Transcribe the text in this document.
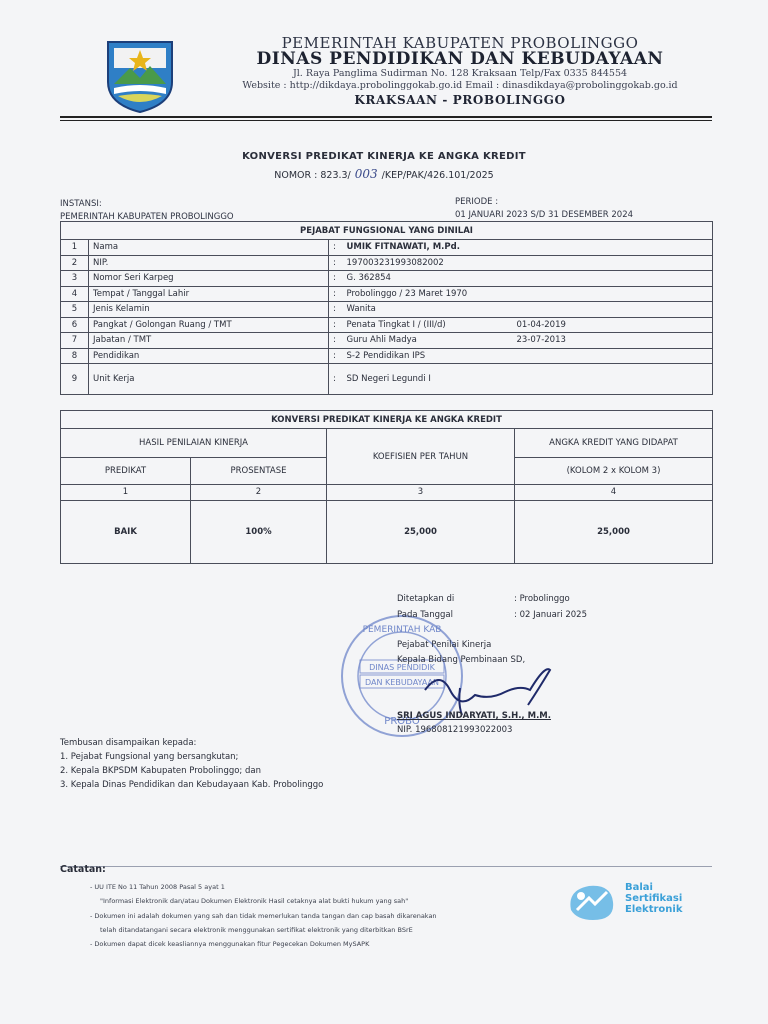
PEMERINTAH KABUPATEN PROBOLINGGO
DINAS PENDIDIKAN DAN KEBUDAYAAN
Jl. Raya Panglima Sudirman No. 128 Kraksaan Telp/Fax 0335 844554
Website : http://dikdaya.probolinggokab.go.id Email : dinasdikdaya@probolinggokab.go.id
KRAKSAAN - PROBOLINGGO
KONVERSI PREDIKAT KINERJA KE ANGKA KREDIT
NOMOR : 823.3/ 003 /KEP/PAK/426.101/2025
INSTANSI:
PEMERINTAH KABUPATEN PROBOLINGGO
PERIODE :
01 JANUARI 2023 S/D 31 DESEMBER 2024
PEJABAT FUNGSIONAL YANG DINILAI				
1	Nama	:	UMIK FITNAWATI, M.Pd.	
2	NIP.	:	197003231993082002	
3	Nomor Seri Karpeg	:	G. 362854	
4	Tempat / Tanggal Lahir	:	Probolinggo / 23 Maret 1970	
5	Jenis Kelamin	:	Wanita	
6	Pangkat / Golongan Ruang / TMT	:	Penata Tingkat I / (III/d)	01-04-2019
7	Jabatan / TMT	:	Guru Ahli Madya	23-07-2013
8	Pendidikan	:	S-2 Pendidikan IPS	
9	Unit Kerja	:	SD Negeri Legundi I	
KONVERSI PREDIKAT KINERJA KE ANGKA KREDIT			
HASIL PENILAIAN KINERJA		KOEFISIEN PER TAHUN	ANGKA KREDIT YANG DIDAPAT
PREDIKAT	PROSENTASE		(KOLOM 2 x KOLOM 3)
1	2	3	4
BAIK	100%	25,000	25,000
PEMERINTAH KAB
DINAS PENDIDIK
DAN KEBUDAYAAN
PROBO
Ditetapkan di	: Probolinggo
Pada Tanggal	: 02 Januari 2025
Pejabat Penilai Kinerja
Kepala Bidang Pembinaan SD,
SRI AGUS INDARYATI, S.H., M.M.
NIP. 196808121993022003
Tembusan disampaikan kepada:
1. Pejabat Fungsional yang bersangkutan;
2. Kepala BKPSDM Kabupaten Probolinggo; dan
3. Kepala Dinas Pendidikan dan Kebudayaan Kab. Probolinggo
Catatan:
- UU ITE No 11 Tahun 2008 Pasal 5 ayat 1
"Informasi Elektronik dan/atau Dokumen Elektronik Hasil cetaknya alat bukti hukum yang sah"
- Dokumen ini adalah dokumen yang sah dan tidak memerlukan tanda tangan dan cap basah dikarenakan
telah ditandatangani secara elektronik menggunakan sertifikat elektronik yang diterbitkan BSrE
- Dokumen dapat dicek keasliannya menggunakan fitur Pegecekan Dokumen MySAPK
Balai
Sertifikasi
Elektronik
